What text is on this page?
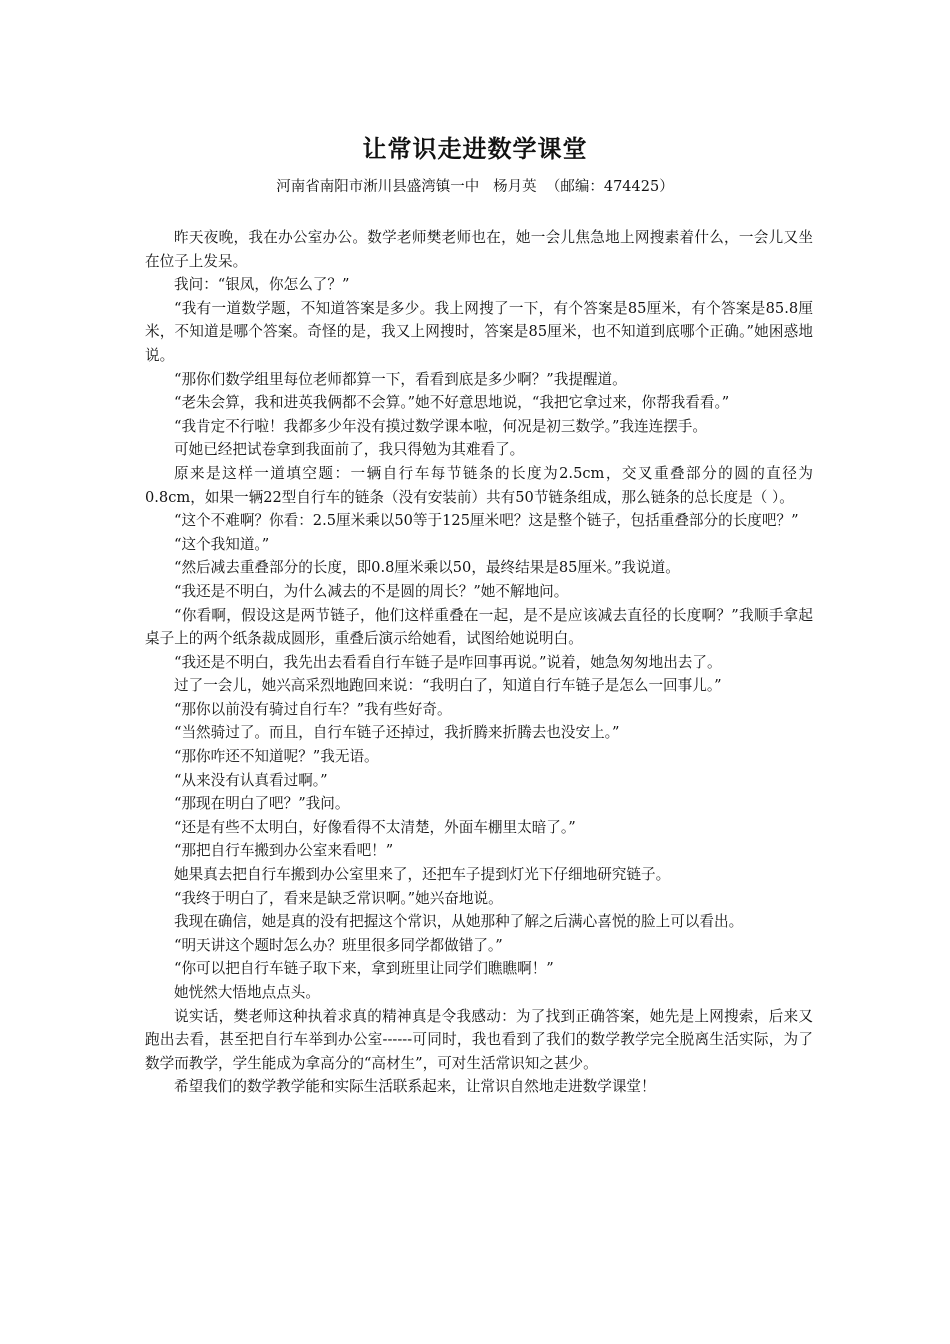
让常识走进数学课堂
河南省南阳市淅川县盛湾镇一中   杨月英  （邮编：474425）

昨天夜晚，我在办公室办公。数学老师樊老师也在，她一会儿焦急地上网搜素着什么，一会儿又坐在位子上发呆。

我问：“银凤，你怎么了？”

“我有一道数学题，不知道答案是多少。我上网搜了一下，有个答案是85厘米，有个答案是85.8厘米，不知道是哪个答案。奇怪的是，我又上网搜时，答案是85厘米，也不知道到底哪个正确。”她困惑地说。

“那你们数学组里每位老师都算一下，看看到底是多少啊？”我提醒道。

“老朱会算，我和进英我俩都不会算。”她不好意思地说，“我把它拿过来，你帮我看看。”

“我肯定不行啦！我都多少年没有摸过数学课本啦，何况是初三数学。”我连连摆手。

可她已经把试卷拿到我面前了，我只得勉为其难看了。

原来是这样一道填空题：一辆自行车每节链条的长度为2.5cm，交叉重叠部分的圆的直径为0.8cm，如果一辆22型自行车的链条（没有安装前）共有50节链条组成，那么链条的总长度是（ ）。

“这个不难啊？你看：2.5厘米乘以50等于125厘米吧？这是整个链子，包括重叠部分的长度吧？”

“这个我知道。”

“然后减去重叠部分的长度，即0.8厘米乘以50，最终结果是85厘米。”我说道。

“我还是不明白，为什么减去的不是圆的周长？”她不解地问。

“你看啊，假设这是两节链子，他们这样重叠在一起，是不是应该减去直径的长度啊？”我顺手拿起桌子上的两个纸条裁成圆形，重叠后演示给她看，试图给她说明白。

“我还是不明白，我先出去看看自行车链子是咋回事再说。”说着，她急匆匆地出去了。

过了一会儿，她兴高采烈地跑回来说：“我明白了，知道自行车链子是怎么一回事儿。”

“那你以前没有骑过自行车？”我有些好奇。

“当然骑过了。而且，自行车链子还掉过，我折腾来折腾去也没安上。”

“那你咋还不知道呢？”我无语。

“从来没有认真看过啊。”

“那现在明白了吧？”我问。

“还是有些不太明白，好像看得不太清楚，外面车棚里太暗了。”

“那把自行车搬到办公室来看吧！”

她果真去把自行车搬到办公室里来了，还把车子提到灯光下仔细地研究链子。

“我终于明白了，看来是缺乏常识啊。”她兴奋地说。

我现在确信，她是真的没有把握这个常识，从她那种了解之后满心喜悦的脸上可以看出。

“明天讲这个题时怎么办？班里很多同学都做错了。”

“你可以把自行车链子取下来，拿到班里让同学们瞧瞧啊！”

她恍然大悟地点点头。

说实话，樊老师这种执着求真的精神真是令我感动：为了找到正确答案，她先是上网搜索，后来又跑出去看，甚至把自行车举到办公室------可同时，我也看到了我们的数学教学完全脱离生活实际，为了数学而教学，学生能成为拿高分的“高材生”，可对生活常识知之甚少。

希望我们的数学教学能和实际生活联系起来，让常识自然地走进数学课堂！
